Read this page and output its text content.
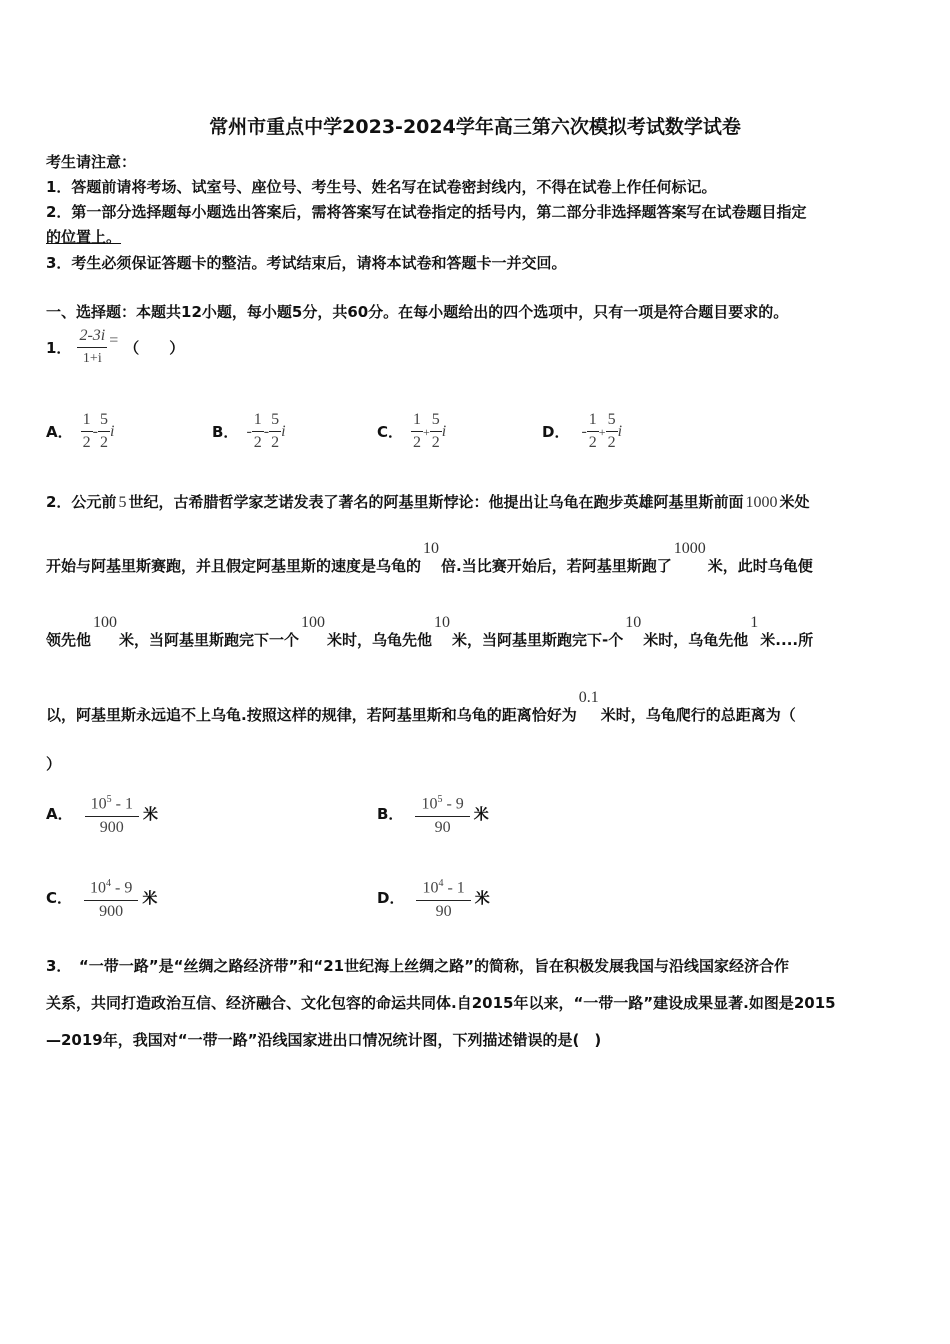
常州市重点中学2023-2024学年高三第六次模拟考试数学试卷
考生请注意：
1．答题前请将考场、试室号、座位号、考生号、姓名写在试卷密封线内，不得在试卷上作任何标记。
2．第一部分选择题每小题选出答案后，需将答案写在试卷指定的括号内，第二部分非选择题答案写在试卷题目指定
的位置上。
3．考生必须保证答题卡的整洁。考试结束后，请将本试卷和答题卡一并交回。
一、选择题：本题共12小题，每小题5分，共60分。在每小题给出的四个选项中，只有一项是符合题目要求的。
1． $\frac{2-3i}{1+i}$ = （　　）
A． $\frac{1}{2} - \frac{5}{2}$ i	B． - $\frac{1}{2} - \frac{5}{2}$ i	C． $\frac{1}{2} + \frac{5}{2}$ i	D． - $\frac{1}{2} + \frac{5}{2}$ i
2．公元前 5 世纪，古希腊哲学家芝诺发表了著名的阿基里斯悖论：他提出让乌龟在跑步英雄阿基里斯前面 1000 米处
开始与阿基里斯赛跑，并且假定阿基里斯的速度是乌龟的10倍.当比赛开始后，若阿基里斯跑了1000米，此时乌龟便
领先他100米，当阿基里斯跑完下一个100米时，乌龟先他10米，当阿基里斯跑完下-个10米时，乌龟先他1米....所
以，阿基里斯永远追不上乌龟.按照这样的规律，若阿基里斯和乌龟的距离恰好为0.1米时，乌龟爬行的总距离为（
）
A． $\frac{10^5 - 1}{900}$ 米	B． $\frac{10^5 - 9}{90}$ 米
C． $\frac{10^4 - 9}{900}$ 米	D． $\frac{10^4 - 1}{90}$ 米
3．　“一带一路”是“丝绸之路经济带”和“21世纪海上丝绸之路”的简称，旨在积极发展我国与沿线国家经济合作
关系，共同打造政治互信、经济融合、文化包容的命运共同体.自2015年以来，“一带一路”建设成果显著.如图是2015
—2019年，我国对“一带一路”沿线国家进出口情况统计图，下列描述错误的是(　)
